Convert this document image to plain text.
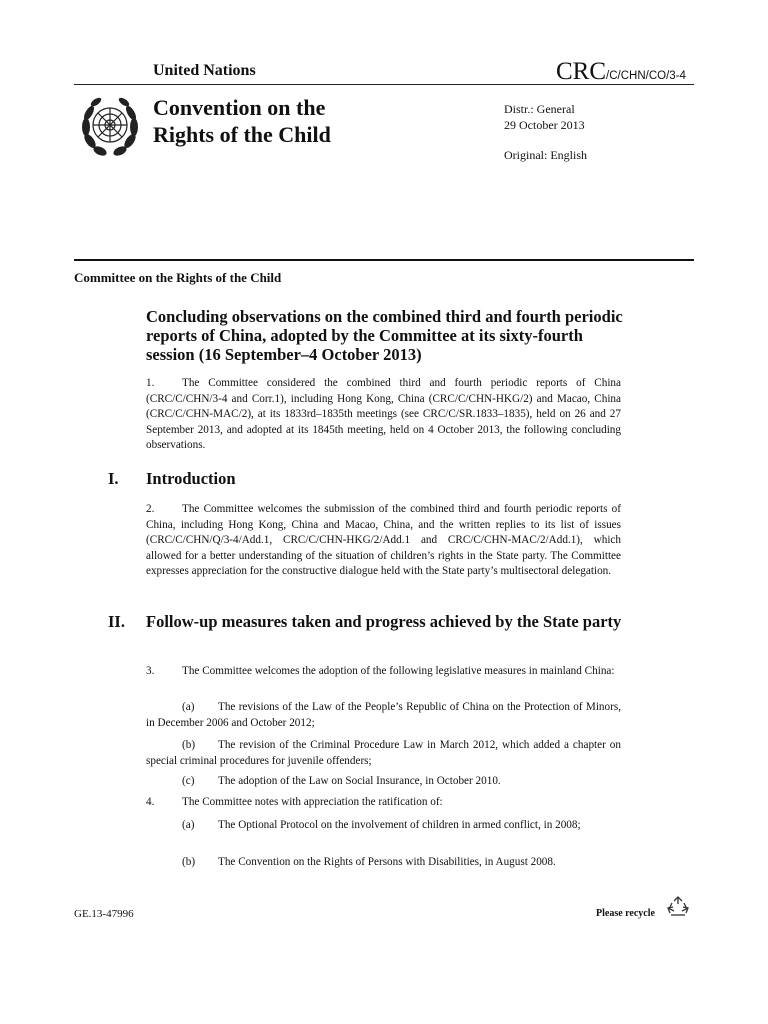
United Nations	CRC/C/CHN/CO/3-4
Convention on the
Rights of the Child
Distr.: General
29 October 2013
Original: English
Committee on the Rights of the Child
Concluding observations on the combined third and fourth periodic reports of China, adopted by the Committee at its sixty-fourth session (16 September–4 October 2013)
1. The Committee considered the combined third and fourth periodic reports of China (CRC/C/CHN/3-4 and Corr.1), including Hong Kong, China (CRC/C/CHN-HKG/2) and Macao, China (CRC/C/CHN-MAC/2), at its 1833rd–1835th meetings (see CRC/C/SR.1833–1835), held on 26 and 27 September 2013, and adopted at its 1845th meeting, held on 4 October 2013, the following concluding observations.
I.	Introduction
2. The Committee welcomes the submission of the combined third and fourth periodic reports of China, including Hong Kong, China and Macao, China, and the written replies to its list of issues (CRC/C/CHN/Q/3-4/Add.1, CRC/C/CHN-HKG/2/Add.1 and CRC/C/CHN-MAC/2/Add.1), which allowed for a better understanding of the situation of children’s rights in the State party. The Committee expresses appreciation for the constructive dialogue held with the State party’s multisectoral delegation.
II.	Follow-up measures taken and progress achieved by the State party
3. The Committee welcomes the adoption of the following legislative measures in mainland China:
(a) The revisions of the Law of the People’s Republic of China on the Protection of Minors, in December 2006 and October 2012;
(b) The revision of the Criminal Procedure Law in March 2012, which added a chapter on special criminal procedures for juvenile offenders;
(c) The adoption of the Law on Social Insurance, in October 2010.
4. The Committee notes with appreciation the ratification of:
(a) The Optional Protocol on the involvement of children in armed conflict, in 2008;
(b) The Convention on the Rights of Persons with Disabilities, in August 2008.
GE.13-47996	Please recycle
